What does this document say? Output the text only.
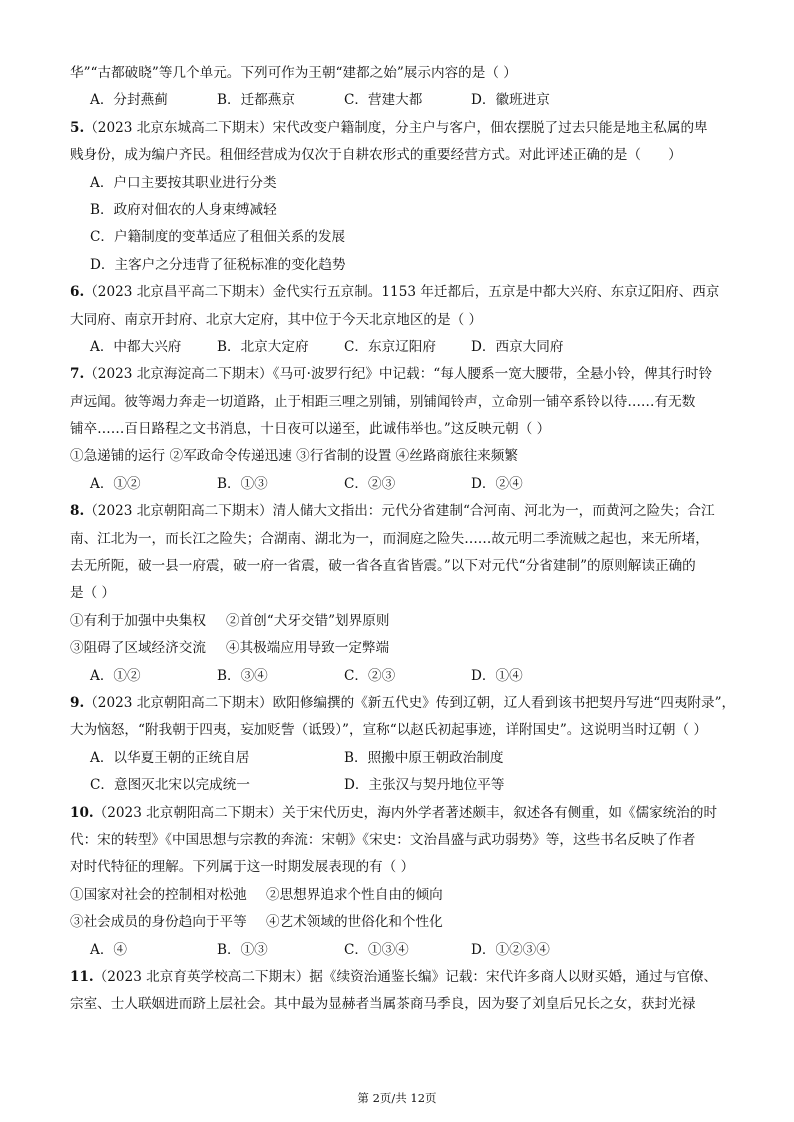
华”“古都破晓”等几个单元。下列可作为王朝“建都之始”展示内容的是（ ）
A．分封燕蓟	B．迁都燕京	C．营建大都	D．徽班进京
5.（2023 北京东城高二下期末）宋代改变户籍制度，分主户与客户，佃农摆脱了过去只能是地主私属的卑
贱身份，成为编户齐民。租佃经营成为仅次于自耕农形式的重要经营方式。对此评述正确的是（　　）
A．户口主要按其职业进行分类
B．政府对佃农的人身束缚减轻
C．户籍制度的变革适应了租佃关系的发展
D．主客户之分违背了征税标准的变化趋势
6.（2023 北京昌平高二下期末）金代实行五京制。1153 年迁都后，五京是中都大兴府、东京辽阳府、西京
大同府、南京开封府、北京大定府，其中位于今天北京地区的是（ ）
A．中都大兴府	B．北京大定府	C．东京辽阳府	D．西京大同府
7.（2023 北京海淀高二下期末）《马可·波罗行纪》中记载：“每人腰系一宽大腰带，全悬小铃，俾其行时铃
声远闻。彼等竭力奔走一切道路，止于相距三哩之别铺，别铺闻铃声，立命别一铺卒系铃以待……有无数
铺卒……百日路程之文书消息，十日夜可以递至，此诚伟举也。”这反映元朝（ ）
①急递铺的运行 ②军政命令传递迅速 ③行省制的设置 ④丝路商旅往来频繁
A．①②	B．①③	C．②③	D．②④
8.（2023 北京朝阳高二下期末）清人储大文指出：元代分省建制“合河南、河北为一，而黄河之险失；合江
南、江北为一，而长江之险失；合湖南、湖北为一，而洞庭之险失……故元明二季流贼之起也，来无所堵，
去无所阨，破一县一府震，破一府一省震，破一省各直省皆震。”以下对元代“分省建制”的原则解读正确的
是（ ）
①有利于加强中央集权	②首创“犬牙交错”划界原则
③阻碍了区域经济交流	④其极端应用导致一定弊端
A．①②	B．③④	C．②③	D．①④
9.（2023 北京朝阳高二下期末）欧阳修编撰的《新五代史》传到辽朝，辽人看到该书把契丹写进“四夷附录”，
大为恼怒，“附我朝于四夷，妄加贬訾（诋毁）”，宣称“以赵氏初起事迹，详附国史”。这说明当时辽朝（ ）
A．以华夏王朝的正统自居	B．照搬中原王朝政治制度
C．意图灭北宋以完成统一	D．主张汉与契丹地位平等
10.（2023 北京朝阳高二下期末）关于宋代历史，海内外学者著述颇丰，叙述各有侧重，如《儒家统治的时
代：宋的转型》《中国思想与宗教的奔流：宋朝》《宋史：文治昌盛与武功弱势》等，这些书名反映了作者
对时代特征的理解。下列属于这一时期发展表现的有（ ）
①国家对社会的控制相对松弛	②思想界追求个性自由的倾向
③社会成员的身份趋向于平等	④艺术领域的世俗化和个性化
A．④	B．①③	C．①③④	D．①②③④
11.（2023 北京育英学校高二下期末）据《续资治通鉴长编》记载：宋代许多商人以财买婚，通过与官僚、
宗室、士人联姻进而跻上层社会。其中最为显赫者当属茶商马季良，因为娶了刘皇后兄长之女，获封光禄
第 2页/共 12页
